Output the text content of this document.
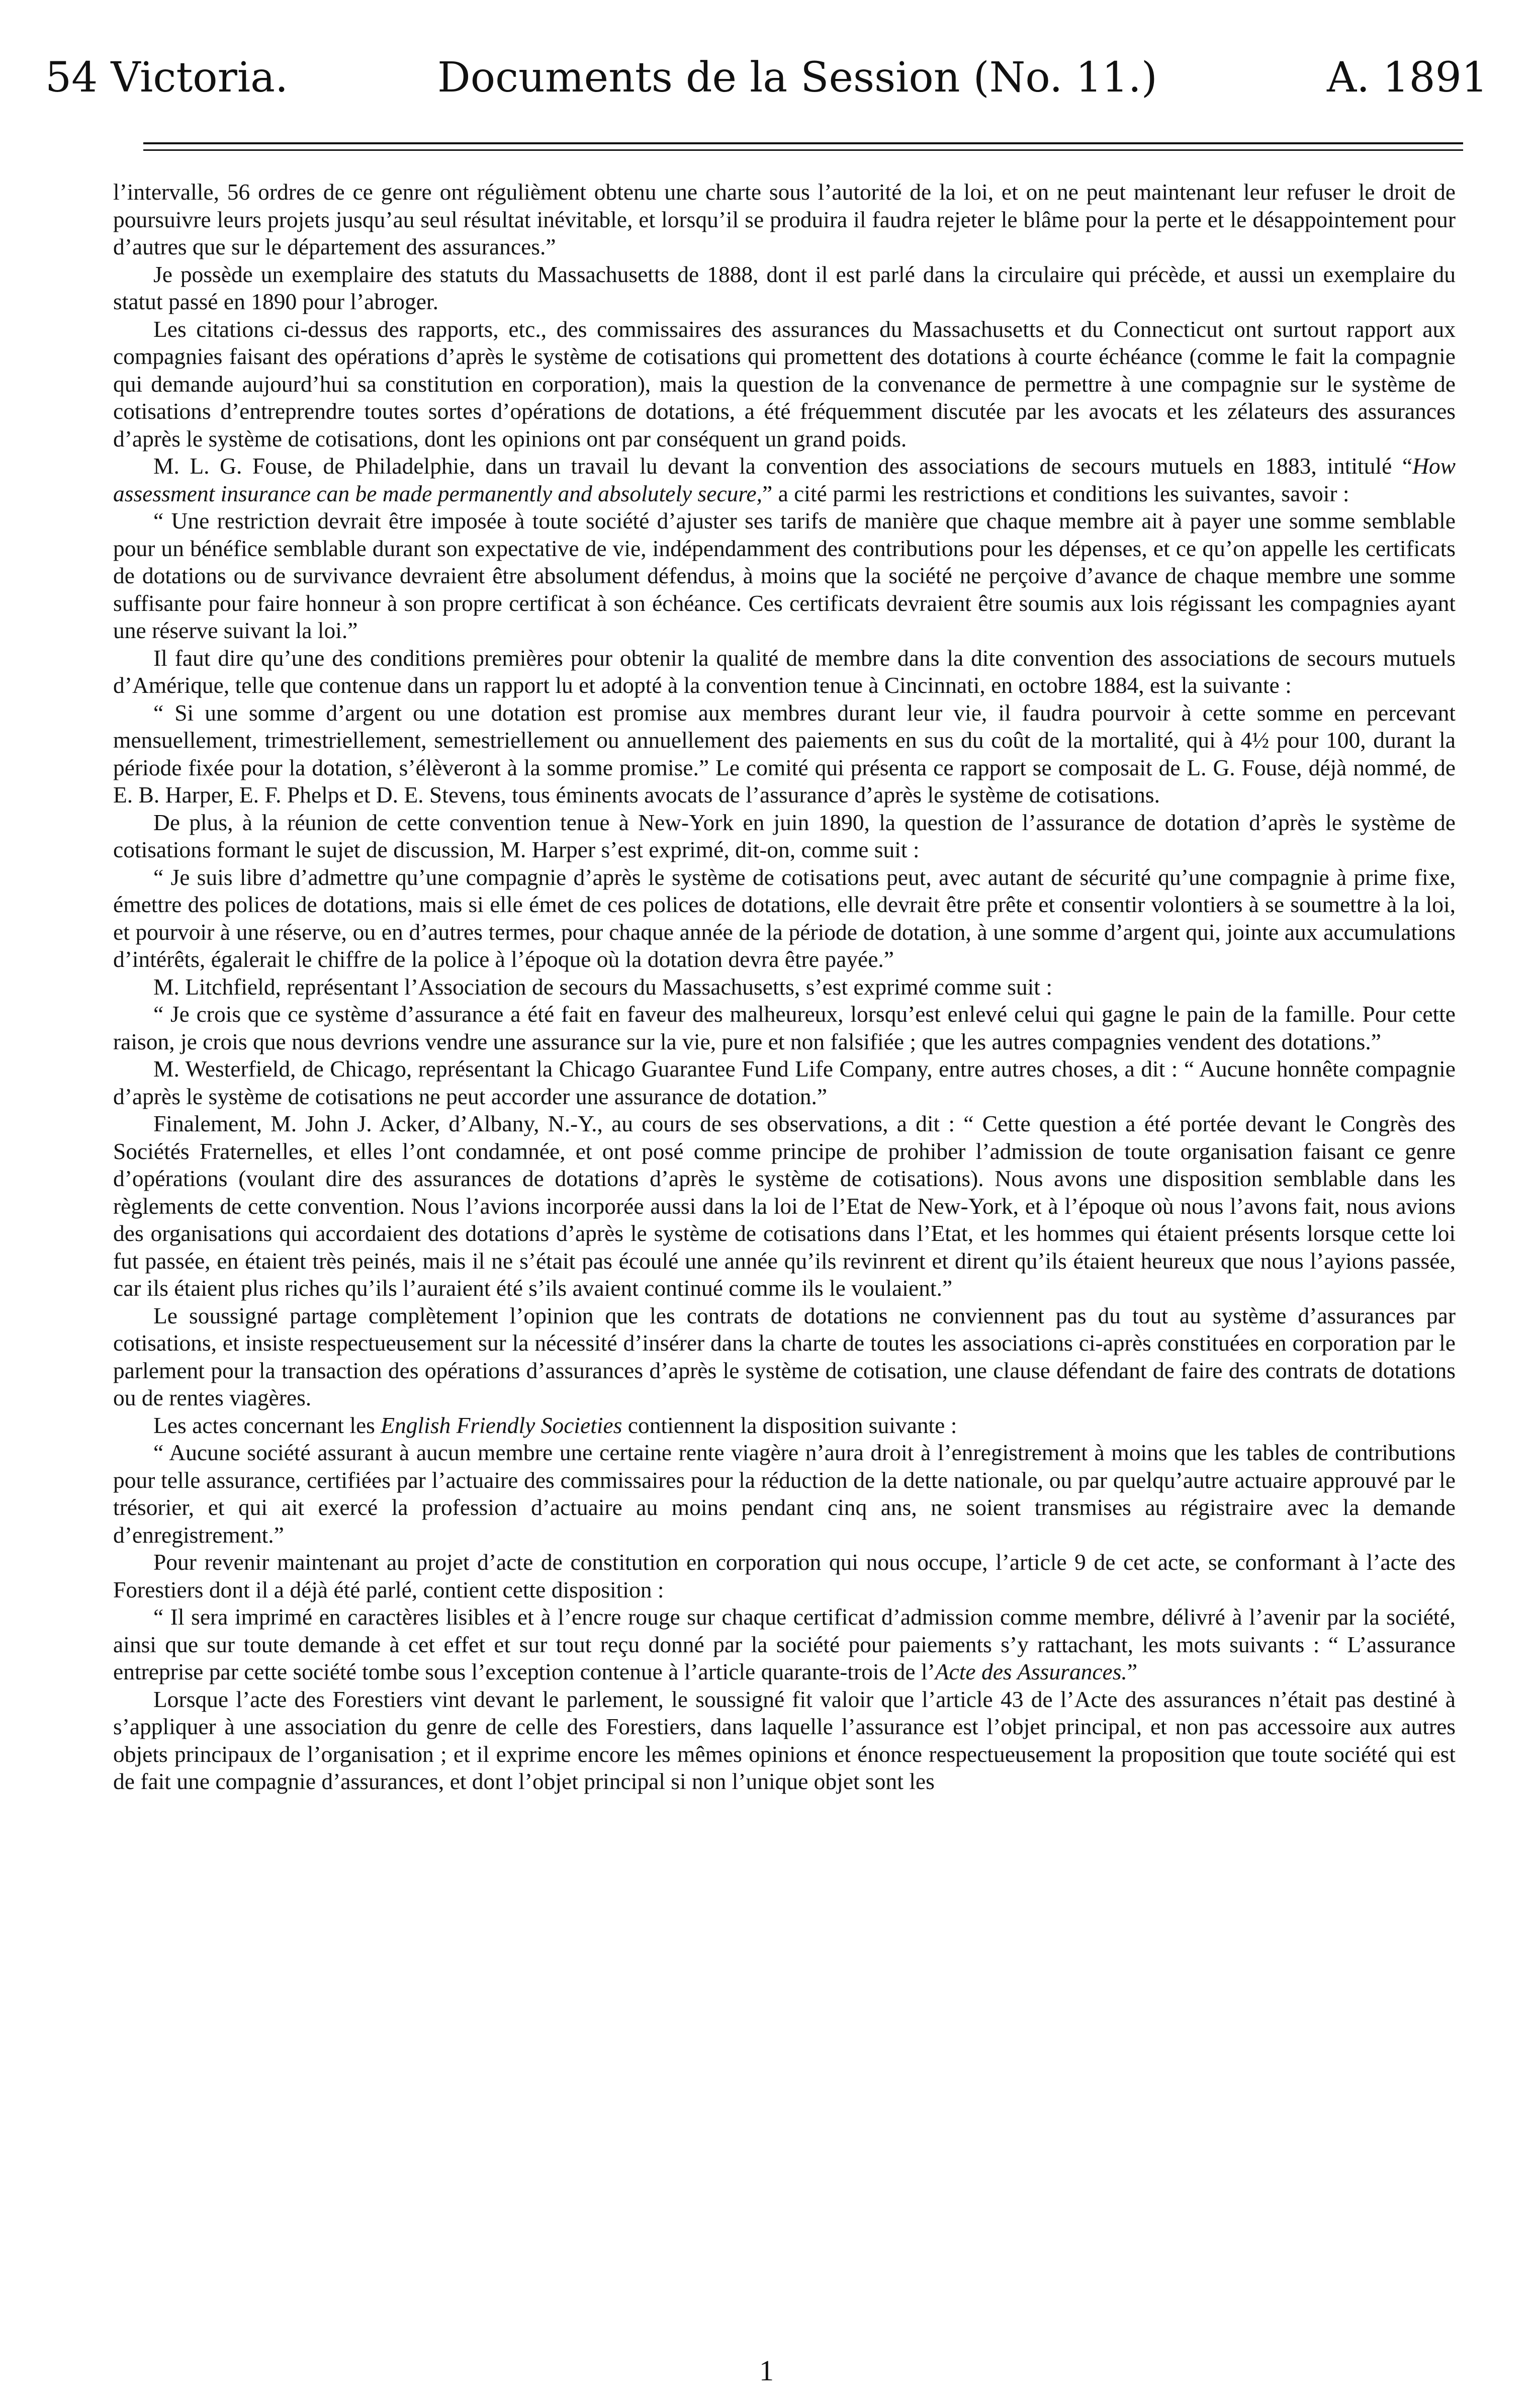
54 Victoria.	Documents de la Session (No. 11.)	A. 1891

l’intervalle, 56 ordres de ce genre ont régulièment obtenu une charte sous l’autorité de la loi, et on ne peut maintenant leur refuser le droit de poursuivre leurs projets jusqu’au seul résultat inévitable, et lorsqu’il se produira il faudra rejeter le blâme pour la perte et le désappointement pour d’autres que sur le département des assurances.”

Je possède un exemplaire des statuts du Massachusetts de 1888, dont il est parlé dans la circulaire qui précède, et aussi un exemplaire du statut passé en 1890 pour l’abroger.

Les citations ci-dessus des rapports, etc., des commissaires des assurances du Massachusetts et du Connecticut ont surtout rapport aux compagnies faisant des opérations d’après le système de cotisations qui promettent des dotations à courte échéance (comme le fait la compagnie qui demande aujourd’hui sa constitution en corporation), mais la question de la convenance de permettre à une compagnie sur le système de cotisations d’entreprendre toutes sortes d’opérations de dotations, a été fréquemment discutée par les avocats et les zélateurs des assurances d’après le système de cotisations, dont les opinions ont par conséquent un grand poids.

M. L. G. Fouse, de Philadelphie, dans un travail lu devant la convention des associations de secours mutuels en 1883, intitulé “How assessment insurance can be made permanently and absolutely secure,” a cité parmi les restrictions et conditions les suivantes, savoir :

“ Une restriction devrait être imposée à toute société d’ajuster ses tarifs de manière que chaque membre ait à payer une somme semblable pour un bénéfice semblable durant son expectative de vie, indépendamment des contributions pour les dépenses, et ce qu’on appelle les certificats de dotations ou de survivance devraient être absolument défendus, à moins que la société ne perçoive d’avance de chaque membre une somme suffisante pour faire honneur à son propre certificat à son échéance. Ces certificats devraient être soumis aux lois régissant les compagnies ayant une réserve suivant la loi.”

Il faut dire qu’une des conditions premières pour obtenir la qualité de membre dans la dite convention des associations de secours mutuels d’Amérique, telle que contenue dans un rapport lu et adopté à la convention tenue à Cincinnati, en octobre 1884, est la suivante :

“ Si une somme d’argent ou une dotation est promise aux membres durant leur vie, il faudra pourvoir à cette somme en percevant mensuellement, trimestriellement, semestriellement ou annuellement des paiements en sus du coût de la mortalité, qui à 4½ pour 100, durant la période fixée pour la dotation, s’élèveront à la somme promise.” Le comité qui présenta ce rapport se composait de L. G. Fouse, déjà nommé, de E. B. Harper, E. F. Phelps et D. E. Stevens, tous éminents avocats de l’assurance d’après le système de cotisations.

De plus, à la réunion de cette convention tenue à New-York en juin 1890, la question de l’assurance de dotation d’après le système de cotisations formant le sujet de discussion, M. Harper s’est exprimé, dit-on, comme suit :

“ Je suis libre d’admettre qu’une compagnie d’après le système de cotisations peut, avec autant de sécurité qu’une compagnie à prime fixe, émettre des polices de dotations, mais si elle émet de ces polices de dotations, elle devrait être prête et consentir volontiers à se soumettre à la loi, et pourvoir à une réserve, ou en d’autres termes, pour chaque année de la période de dotation, à une somme d’argent qui, jointe aux accumulations d’intérêts, égalerait le chiffre de la police à l’époque où la dotation devra être payée.”

M. Litchfield, représentant l’Association de secours du Massachusetts, s’est exprimé comme suit :

“ Je crois que ce système d’assurance a été fait en faveur des malheureux, lorsqu’est enlevé celui qui gagne le pain de la famille. Pour cette raison, je crois que nous devrions vendre une assurance sur la vie, pure et non falsifiée ; que les autres compagnies vendent des dotations.”

M. Westerfield, de Chicago, représentant la Chicago Guarantee Fund Life Company, entre autres choses, a dit : “ Aucune honnête compagnie d’après le système de cotisations ne peut accorder une assurance de dotation.”

Finalement, M. John J. Acker, d’Albany, N.-Y., au cours de ses observations, a dit : “ Cette question a été portée devant le Congrès des Sociétés Fraternelles, et elles l’ont condamnée, et ont posé comme principe de prohiber l’admission de toute organisation faisant ce genre d’opérations (voulant dire des assurances de dotations d’après le système de cotisations). Nous avons une disposition semblable dans les règlements de cette convention. Nous l’avions incorporée aussi dans la loi de l’Etat de New-York, et à l’époque où nous l’avons fait, nous avions des organisations qui accordaient des dotations d’après le système de cotisations dans l’Etat, et les hommes qui étaient présents lorsque cette loi fut passée, en étaient très peinés, mais il ne s’était pas écoulé une année qu’ils revinrent et dirent qu’ils étaient heureux que nous l’ayions passée, car ils étaient plus riches qu’ils l’auraient été s’ils avaient continué comme ils le voulaient.”

Le soussigné partage complètement l’opinion que les contrats de dotations ne conviennent pas du tout au système d’assurances par cotisations, et insiste respectueusement sur la nécessité d’insérer dans la charte de toutes les associations ci-après constituées en corporation par le parlement pour la transaction des opérations d’assurances d’après le système de cotisation, une clause défendant de faire des contrats de dotations ou de rentes viagères.

Les actes concernant les English Friendly Societies contiennent la disposition suivante :

“ Aucune société assurant à aucun membre une certaine rente viagère n’aura droit à l’enregistrement à moins que les tables de contributions pour telle assurance, certifiées par l’actuaire des commissaires pour la réduction de la dette nationale, ou par quelqu’autre actuaire approuvé par le trésorier, et qui ait exercé la profession d’actuaire au moins pendant cinq ans, ne soient transmises au régistraire avec la demande d’enregistrement.”

Pour revenir maintenant au projet d’acte de constitution en corporation qui nous occupe, l’article 9 de cet acte, se conformant à l’acte des Forestiers dont il a déjà été parlé, contient cette disposition :

“ Il sera imprimé en caractères lisibles et à l’encre rouge sur chaque certificat d’admission comme membre, délivré à l’avenir par la société, ainsi que sur toute demande à cet effet et sur tout reçu donné par la société pour paiements s’y rattachant, les mots suivants : “ L’assurance entreprise par cette société tombe sous l’exception contenue à l’article quarante-trois de l’Acte des Assurances.”

Lorsque l’acte des Forestiers vint devant le parlement, le soussigné fit valoir que l’article 43 de l’Acte des assurances n’était pas destiné à s’appliquer à une association du genre de celle des Forestiers, dans laquelle l’assurance est l’objet principal, et non pas accessoire aux autres objets principaux de l’organisation ; et il exprime encore les mêmes opinions et énonce respectueusement la proposition que toute société qui est de fait une compagnie d’assurances, et dont l’objet principal si non l’unique objet sont les

1
